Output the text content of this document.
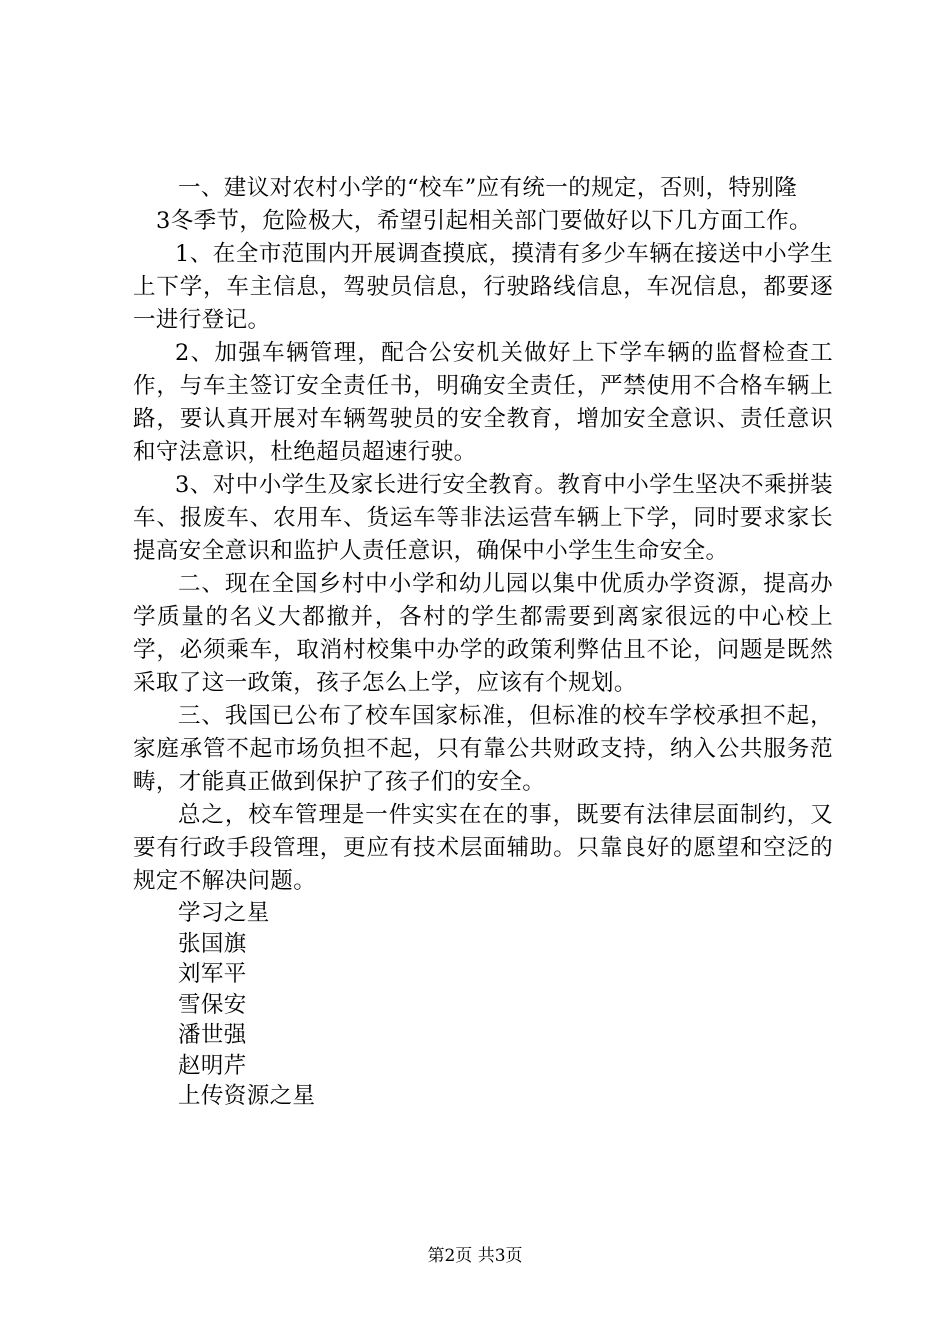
一、建议对农村小学的“校车”应有统一的规定，否则，特别隆

3冬季节，危险极大，希望引起相关部门要做好以下几方面工作。

1、在全市范围内开展调查摸底，摸清有多少车辆在接送中小学生上下学，车主信息，驾驶员信息，行驶路线信息，车况信息，都要逐一进行登记。

2、加强车辆管理，配合公安机关做好上下学车辆的监督检查工作，与车主签订安全责任书，明确安全责任，严禁使用不合格车辆上路，要认真开展对车辆驾驶员的安全教育，增加安全意识、责任意识和守法意识，杜绝超员超速行驶。

3、对中小学生及家长进行安全教育。教育中小学生坚决不乘拼装车、报废车、农用车、货运车等非法运营车辆上下学，同时要求家长提高安全意识和监护人责任意识，确保中小学生生命安全。

二、现在全国乡村中小学和幼儿园以集中优质办学资源，提高办学质量的名义大都撤并，各村的学生都需要到离家很远的中心校上学，必须乘车，取消村校集中办学的政策利弊估且不论，问题是既然采取了这一政策，孩子怎么上学，应该有个规划。

三、我国已公布了校车国家标准，但标准的校车学校承担不起，家庭承管不起市场负担不起，只有靠公共财政支持，纳入公共服务范畴，才能真正做到保护了孩子们的安全。

总之，校车管理是一件实实在在的事，既要有法律层面制约，又要有行政手段管理，更应有技术层面辅助。只靠良好的愿望和空泛的规定不解决问题。

学习之星
张国旗
刘军平
雪保安
潘世强
赵明芹
上传资源之星
第2页 共3页
